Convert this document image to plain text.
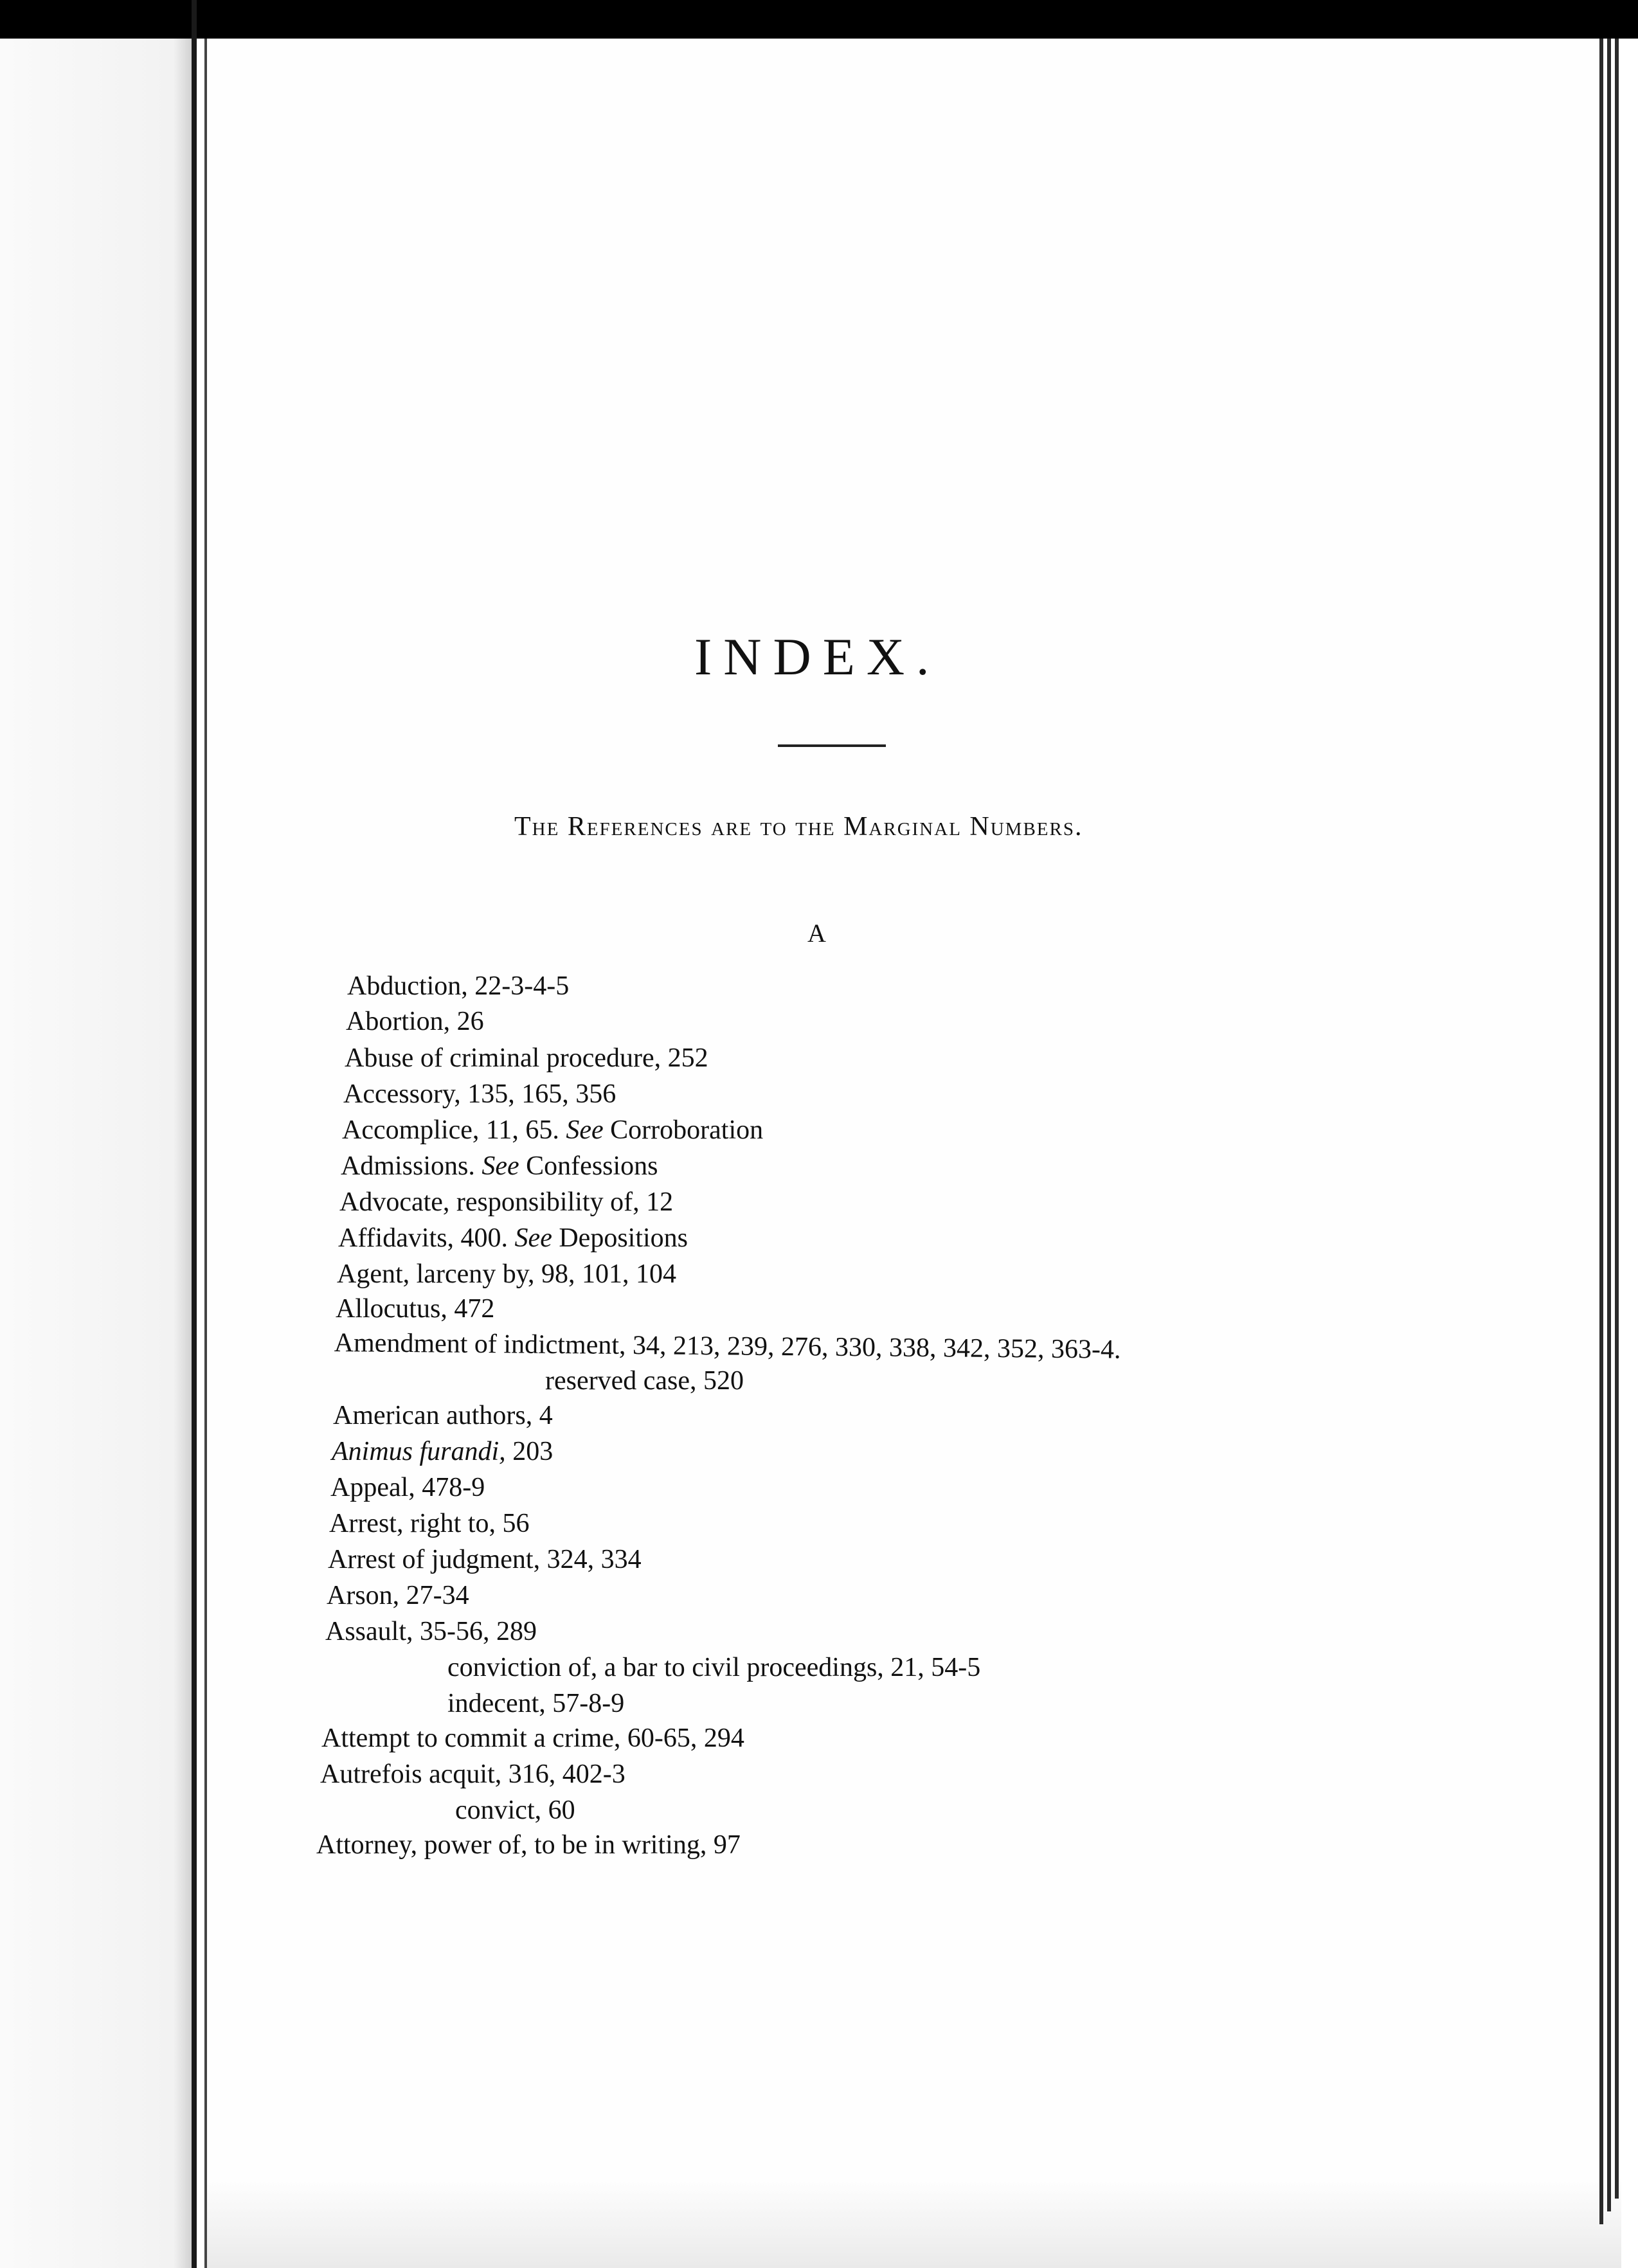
INDEX.
The References are to the Marginal Numbers.
A
Abduction, 22-3-4-5
Abortion, 26
Abuse of criminal procedure, 252
Accessory, 135, 165, 356
Accomplice, 11, 65. See Corroboration
Admissions. See Confessions
Advocate, responsibility of, 12
Affidavits, 400. See Depositions
Agent, larceny by, 98, 101, 104
Allocutus, 472
Amendment of indictment, 34, 213, 239, 276, 330, 338, 342, 352, 363-4.
reserved case, 520
American authors, 4
Animus furandi, 203
Appeal, 478-9
Arrest, right to, 56
Arrest of judgment, 324, 334
Arson, 27-34
Assault, 35-56, 289
conviction of, a bar to civil proceedings, 21, 54-5
indecent, 57-8-9
Attempt to commit a crime, 60-65, 294
Autrefois acquit, 316, 402-3
convict, 60
Attorney, power of, to be in writing, 97
